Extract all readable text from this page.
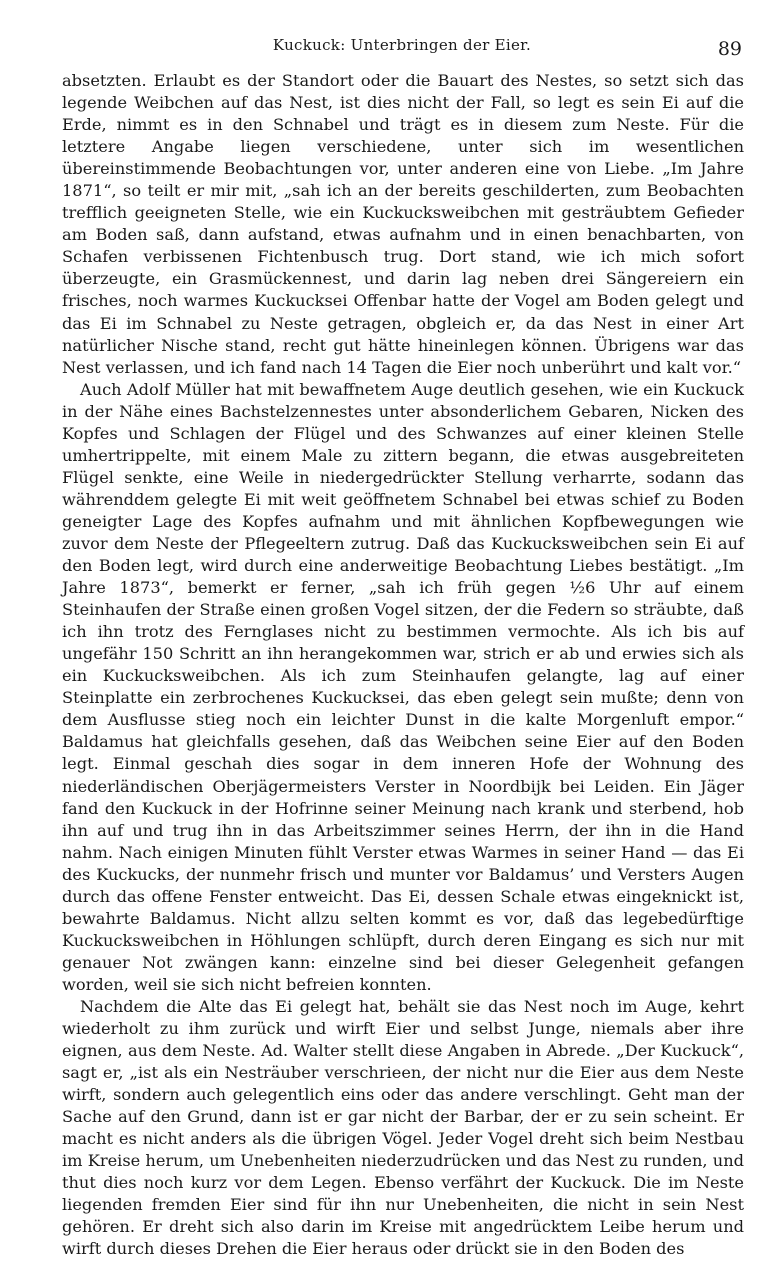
Kuckuck: Unterbringen der Eier.	89

absetzten. Erlaubt es der Standort oder die Bauart des Nestes, so setzt sich das legende Weibchen auf das Nest, ist dies nicht der Fall, so legt es sein Ei auf die Erde, nimmt es in den Schnabel und trägt es in diesem zum Neste. Für die letztere Angabe liegen verschiedene, unter sich im wesentlichen übereinstimmende Beobachtungen vor, unter anderen eine von Liebe. „Im Jahre 1871“, so teilt er mir mit, „sah ich an der bereits geschilderten, zum Beobachten trefflich geeigneten Stelle, wie ein Kuckucksweibchen mit gesträubtem Gefieder am Boden saß, dann aufstand, etwas aufnahm und in einen benachbarten, von Schafen verbissenen Fichtenbusch trug. Dort stand, wie ich mich sofort überzeugte, ein Grasmückennest, und darin lag neben drei Sängereiern ein frisches, noch warmes Kuckucksei Offenbar hatte der Vogel am Boden gelegt und das Ei im Schnabel zu Neste getragen, obgleich er, da das Nest in einer Art natürlicher Nische stand, recht gut hätte hineinlegen können. Übrigens war das Nest verlassen, und ich fand nach 14 Tagen die Eier noch unberührt und kalt vor.“

Auch Adolf Müller hat mit bewaffnetem Auge deutlich gesehen, wie ein Kuckuck in der Nähe eines Bachstelzennestes unter absonderlichem Gebaren, Nicken des Kopfes und Schlagen der Flügel und des Schwanzes auf einer kleinen Stelle umhertrippelte, mit einem Male zu zittern begann, die etwas ausgebreiteten Flügel senkte, eine Weile in niedergedrückter Stellung verharrte, sodann das währenddem gelegte Ei mit weit geöffnetem Schnabel bei etwas schief zu Boden geneigter Lage des Kopfes aufnahm und mit ähnlichen Kopfbewegungen wie zuvor dem Neste der Pflegeeltern zutrug. Daß das Kuckucksweibchen sein Ei auf den Boden legt, wird durch eine anderweitige Beobachtung Liebes bestätigt. „Im Jahre 1873“, bemerkt er ferner, „sah ich früh gegen ½6 Uhr auf einem Steinhaufen der Straße einen großen Vogel sitzen, der die Federn so sträubte, daß ich ihn trotz des Fernglases nicht zu bestimmen vermochte. Als ich bis auf ungefähr 150 Schritt an ihn herangekommen war, strich er ab und erwies sich als ein Kuckucksweibchen. Als ich zum Steinhaufen gelangte, lag auf einer Steinplatte ein zerbrochenes Kuckucksei, das eben gelegt sein mußte; denn von dem Ausflusse stieg noch ein leichter Dunst in die kalte Morgenluft empor.“ Baldamus hat gleichfalls gesehen, daß das Weibchen seine Eier auf den Boden legt. Einmal geschah dies sogar in dem inneren Hofe der Wohnung des niederländischen Oberjägermeisters Verster in Noordbijk bei Leiden. Ein Jäger fand den Kuckuck in der Hofrinne seiner Meinung nach krank und sterbend, hob ihn auf und trug ihn in das Arbeitszimmer seines Herrn, der ihn in die Hand nahm. Nach einigen Minuten fühlt Verster etwas Warmes in seiner Hand — das Ei des Kuckucks, der nunmehr frisch und munter vor Baldamus’ und Versters Augen durch das offene Fenster entweicht. Das Ei, dessen Schale etwas eingeknickt ist, bewahrte Baldamus. Nicht allzu selten kommt es vor, daß das legebedürftige Kuckucksweibchen in Höhlungen schlüpft, durch deren Eingang es sich nur mit genauer Not zwängen kann: einzelne sind bei dieser Gelegenheit gefangen worden, weil sie sich nicht befreien konnten.

Nachdem die Alte das Ei gelegt hat, behält sie das Nest noch im Auge, kehrt wiederholt zu ihm zurück und wirft Eier und selbst Junge, niemals aber ihre eignen, aus dem Neste. Ad. Walter stellt diese Angaben in Abrede. „Der Kuckuck“, sagt er, „ist als ein Nesträuber verschrieen, der nicht nur die Eier aus dem Neste wirft, sondern auch gelegentlich eins oder das andere verschlingt. Geht man der Sache auf den Grund, dann ist er gar nicht der Barbar, der er zu sein scheint. Er macht es nicht anders als die übrigen Vögel. Jeder Vogel dreht sich beim Nestbau im Kreise herum, um Unebenheiten niederzudrücken und das Nest zu runden, und thut dies noch kurz vor dem Legen. Ebenso verfährt der Kuckuck. Die im Neste liegenden fremden Eier sind für ihn nur Unebenheiten, die nicht in sein Nest gehören. Er dreht sich also darin im Kreise mit angedrücktem Leibe herum und wirft durch dieses Drehen die Eier heraus oder drückt sie in den Boden des
